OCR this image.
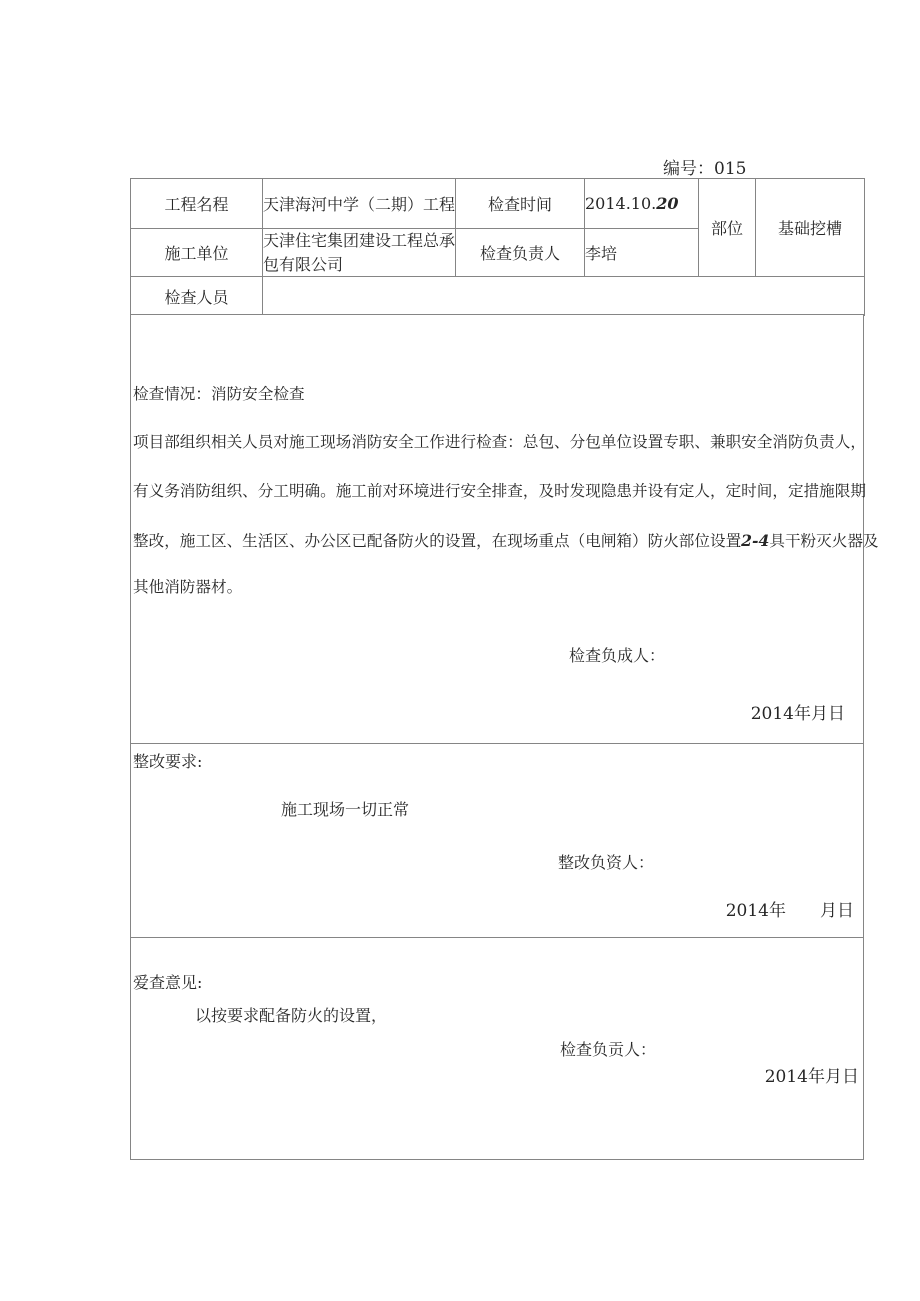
编号：015
工程名程	天津海河中学（二期）工程	检查时间	2014.10.20	部位	基础挖槽
施工单位	天津住宅集团建设工程总承包有限公司	检查负责人	李培		
检查人员					
检查情况：消防安全检查
项目部组织相关人员对施工现场消防安全工作进行检查：总包、分包单位设置专职、兼职安全消防负责人，
有义务消防组织、分工明确。施工前对环境进行安全排查，及时发现隐患并设有定人，定时间，定措施限期
整改，施工区、生活区、办公区已配备防火的设置，在现场重点（电闸箱）防火部位设置2-4具干粉灭火器及
其他消防器材。
检查负成人：
2014年月日
整改要求:
施工现场一切正常
整改负资人：
2014年　　月日
爱查意见:
以按要求配备防火的设置，
检查负贡人：
2014年月日
